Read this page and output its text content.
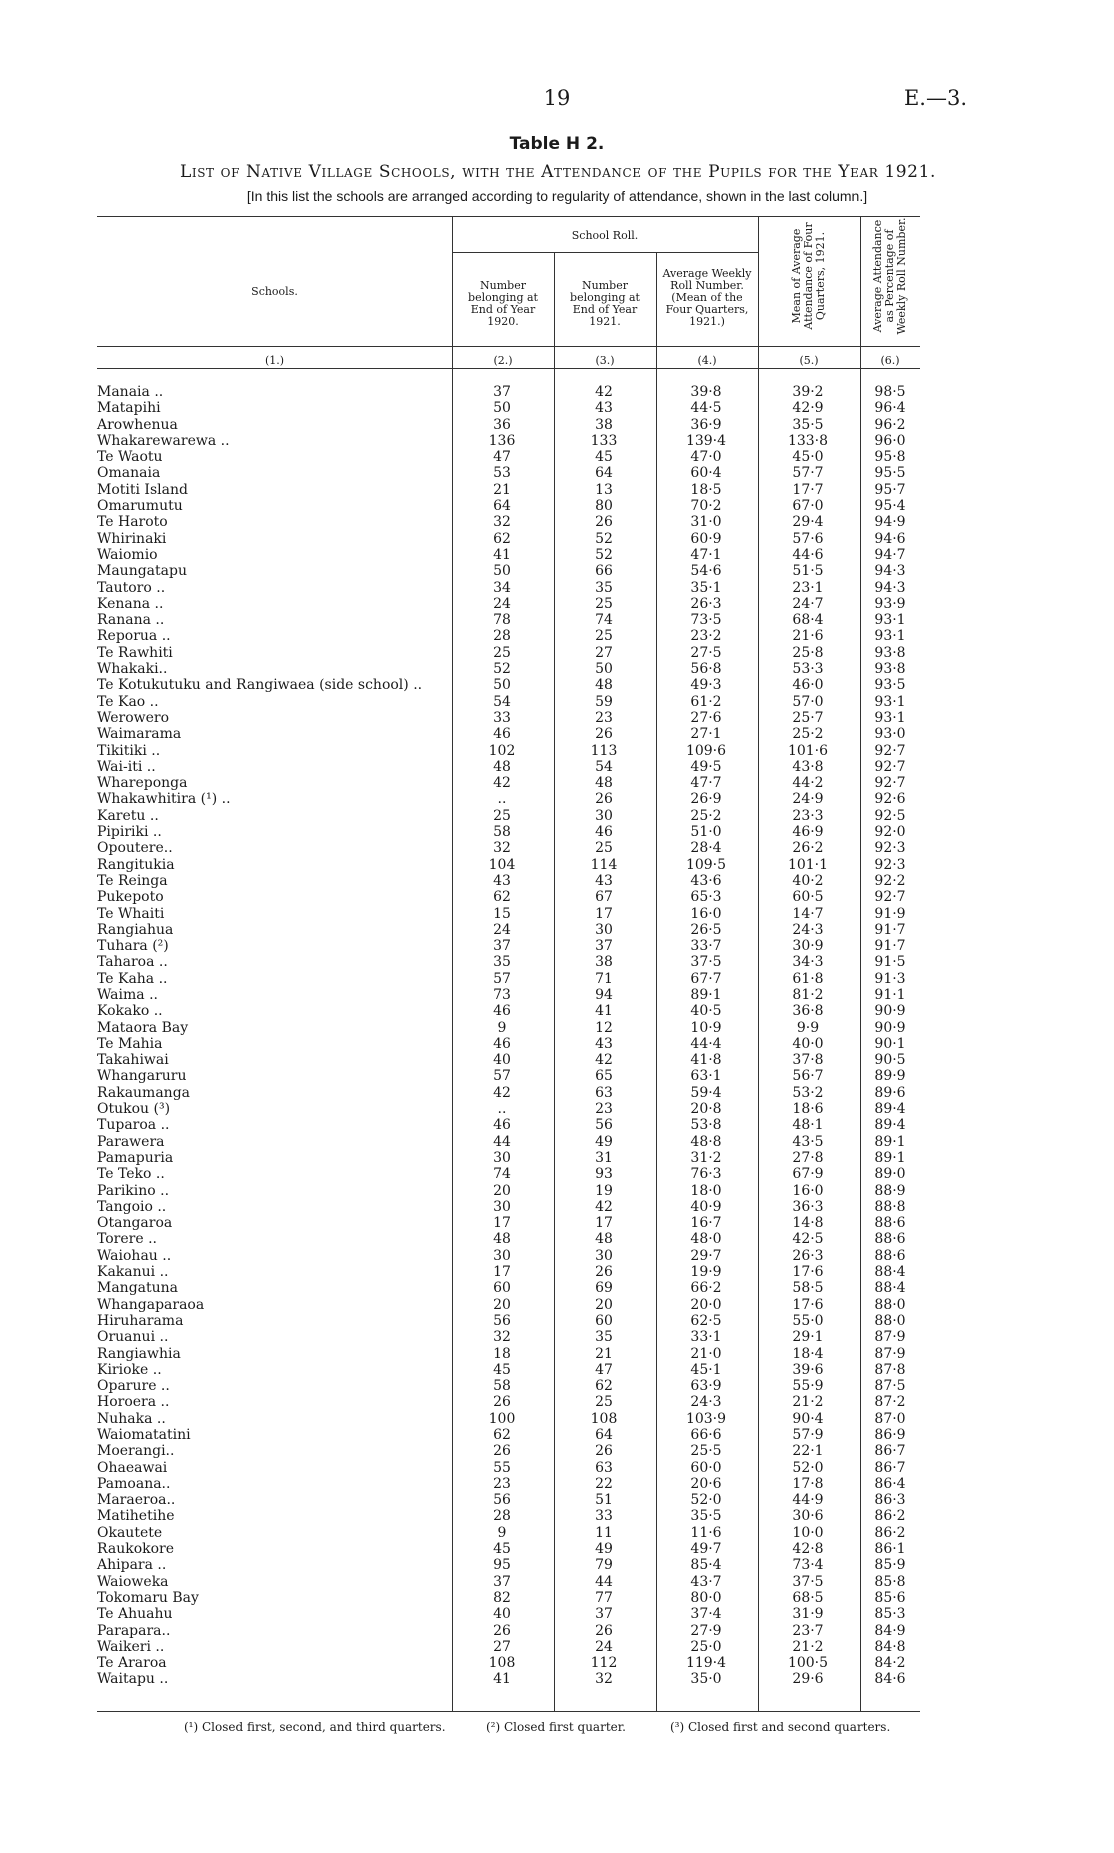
19	E.—3.
Table H 2.
List of Native Village Schools, with the Attendance of the Pupils for the Year 1921.
[In this list the schools are arranged according to regularity of attendance, shown in the last column.]
Schools.
School Roll.
Number belonging at End of Year 1920.
Number belonging at End of Year 1921.
Average Weekly Roll Number. (Mean of the Four Quarters, 1921.)	Mean of Average Attendance of Four Quarters, 1921.	Average Attendance as Percentage of Weekly Roll Number.
(1.)	(2.)	(3.)	(4.)	(5.)	(6.)
Manaia ..	37	42	39·8	39·2	98·5
Matapihi	50	43	44·5	42·9	96·4
Arowhenua	36	38	36·9	35·5	96·2
Whakarewarewa ..	136	133	139·4	133·8	96·0
Te Waotu	47	45	47·0	45·0	95·8
Omanaia	53	64	60·4	57·7	95·5
Motiti Island	21	13	18·5	17·7	95·7
Omarumutu	64	80	70·2	67·0	95·4
Te Haroto	32	26	31·0	29·4	94·9
Whirinaki	62	52	60·9	57·6	94·6
Waiomio	41	52	47·1	44·6	94·7
Maungatapu	50	66	54·6	51·5	94·3
Tautoro ..	34	35	35·1	23·1	94·3
Kenana ..	24	25	26·3	24·7	93·9
Ranana ..	78	74	73·5	68·4	93·1
Reporua ..	28	25	23·2	21·6	93·1
Te Rawhiti	25	27	27·5	25·8	93·8
Whakaki..	52	50	56·8	53·3	93·8
Te Kotukutuku and Rangiwaea (side school) ..	50	48	49·3	46·0	93·5
Te Kao ..	54	59	61·2	57·0	93·1
Werowero	33	23	27·6	25·7	93·1
Waimarama	46	26	27·1	25·2	93·0
Tikitiki ..	102	113	109·6	101·6	92·7
Wai-iti ..	48	54	49·5	43·8	92·7
Whareponga	42	48	47·7	44·2	92·7
Whakawhitira (¹) ..	..	26	26·9	24·9	92·6
Karetu ..	25	30	25·2	23·3	92·5
Pipiriki ..	58	46	51·0	46·9	92·0
Opoutere..	32	25	28·4	26·2	92·3
Rangitukia	104	114	109·5	101·1	92·3
Te Reinga	43	43	43·6	40·2	92·2
Pukepoto	62	67	65·3	60·5	92·7
Te Whaiti	15	17	16·0	14·7	91·9
Rangiahua	24	30	26·5	24·3	91·7
Tuhara (²)	37	37	33·7	30·9	91·7
Taharoa ..	35	38	37·5	34·3	91·5
Te Kaha ..	57	71	67·7	61·8	91·3
Waima ..	73	94	89·1	81·2	91·1
Kokako ..	46	41	40·5	36·8	90·9
Mataora Bay	9	12	10·9	9·9	90·9
Te Mahia	46	43	44·4	40·0	90·1
Takahiwai	40	42	41·8	37·8	90·5
Whangaruru	57	65	63·1	56·7	89·9
Rakaumanga	42	63	59·4	53·2	89·6
Otukou (³)	..	23	20·8	18·6	89·4
Tuparoa ..	46	56	53·8	48·1	89·4
Parawera	44	49	48·8	43·5	89·1
Pamapuria	30	31	31·2	27·8	89·1
Te Teko ..	74	93	76·3	67·9	89·0
Parikino ..	20	19	18·0	16·0	88·9
Tangoio ..	30	42	40·9	36·3	88·8
Otangaroa	17	17	16·7	14·8	88·6
Torere ..	48	48	48·0	42·5	88·6
Waiohau ..	30	30	29·7	26·3	88·6
Kakanui ..	17	26	19·9	17·6	88·4
Mangatuna	60	69	66·2	58·5	88·4
Whangaparaoa	20	20	20·0	17·6	88·0
Hiruharama	56	60	62·5	55·0	88·0
Oruanui ..	32	35	33·1	29·1	87·9
Rangiawhia	18	21	21·0	18·4	87·9
Kirioke ..	45	47	45·1	39·6	87·8
Oparure ..	58	62	63·9	55·9	87·5
Horoera ..	26	25	24·3	21·2	87·2
Nuhaka ..	100	108	103·9	90·4	87·0
Waiomatatini	62	64	66·6	57·9	86·9
Moerangi..	26	26	25·5	22·1	86·7
Ohaeawai	55	63	60·0	52·0	86·7
Pamoana..	23	22	20·6	17·8	86·4
Maraeroa..	56	51	52·0	44·9	86·3
Matihetihe	28	33	35·5	30·6	86·2
Okautete	9	11	11·6	10·0	86·2
Raukokore	45	49	49·7	42·8	86·1
Ahipara ..	95	79	85·4	73·4	85·9
Waioweka	37	44	43·7	37·5	85·8
Tokomaru Bay	82	77	80·0	68·5	85·6
Te Ahuahu	40	37	37·4	31·9	85·3
Parapara..	26	26	27·9	23·7	84·9
Waikeri ..	27	24	25·0	21·2	84·8
Te Araroa	108	112	119·4	100·5	84·2
Waitapu ..	41	32	35·0	29·6	84·6
(¹) Closed first, second, and third quarters.	(²) Closed first quarter.	(³) Closed first and second quarters.
